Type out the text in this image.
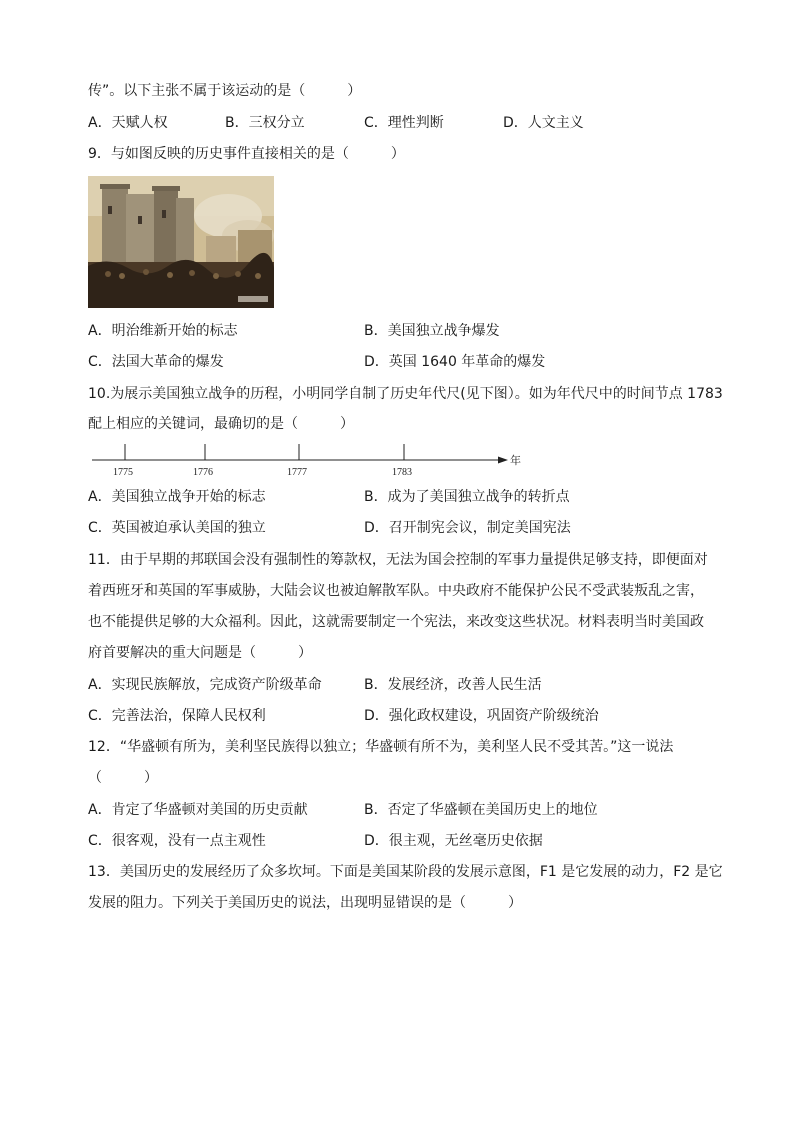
传”。以下主张不属于该运动的是（　　　）
A．天赋人权	B．三权分立	C．理性判断	D．人文主义
9．与如图反映的历史事件直接相关的是（　　　）
A．明治维新开始的标志	B．美国独立战争爆发
C．法国大革命的爆发	D．英国 1640 年革命的爆发
10.为展示美国独立战争的历程，小明同学自制了历史年代尺(见下图）。如为年代尺中的时间节点 1783
配上相应的关键词，最确切的是（　　　）
1775	1776	1777	1783
年
A．美国独立战争开始的标志	B．成为了美国独立战争的转折点
C．英国被迫承认美国的独立	D．召开制宪会议，制定美国宪法
11．由于早期的邦联国会没有强制性的筹款权，无法为国会控制的军事力量提供足够支持，即便面对
着西班牙和英国的军事威胁，大陆会议也被迫解散军队。中央政府不能保护公民不受武装叛乱之害，
也不能提供足够的大众福利。因此，这就需要制定一个宪法，来改变这些状况。材料表明当时美国政
府首要解决的重大问题是（　　　）
A．实现民族解放，完成资产阶级革命	B．发展经济，改善人民生活
C．完善法治，保障人民权利	D．强化政权建设，巩固资产阶级统治
12．“华盛顿有所为，美利坚民族得以独立；华盛顿有所不为，美利坚人民不受其苦。”这一说法
（　　　）
A．肯定了华盛顿对美国的历史贡献	B．否定了华盛顿在美国历史上的地位
C．很客观，没有一点主观性	D．很主观，无丝毫历史依据
13．美国历史的发展经历了众多坎坷。下面是美国某阶段的发展示意图，F1 是它发展的动力，F2 是它
发展的阻力。下列关于美国历史的说法，出现明显错误的是（　　　）
